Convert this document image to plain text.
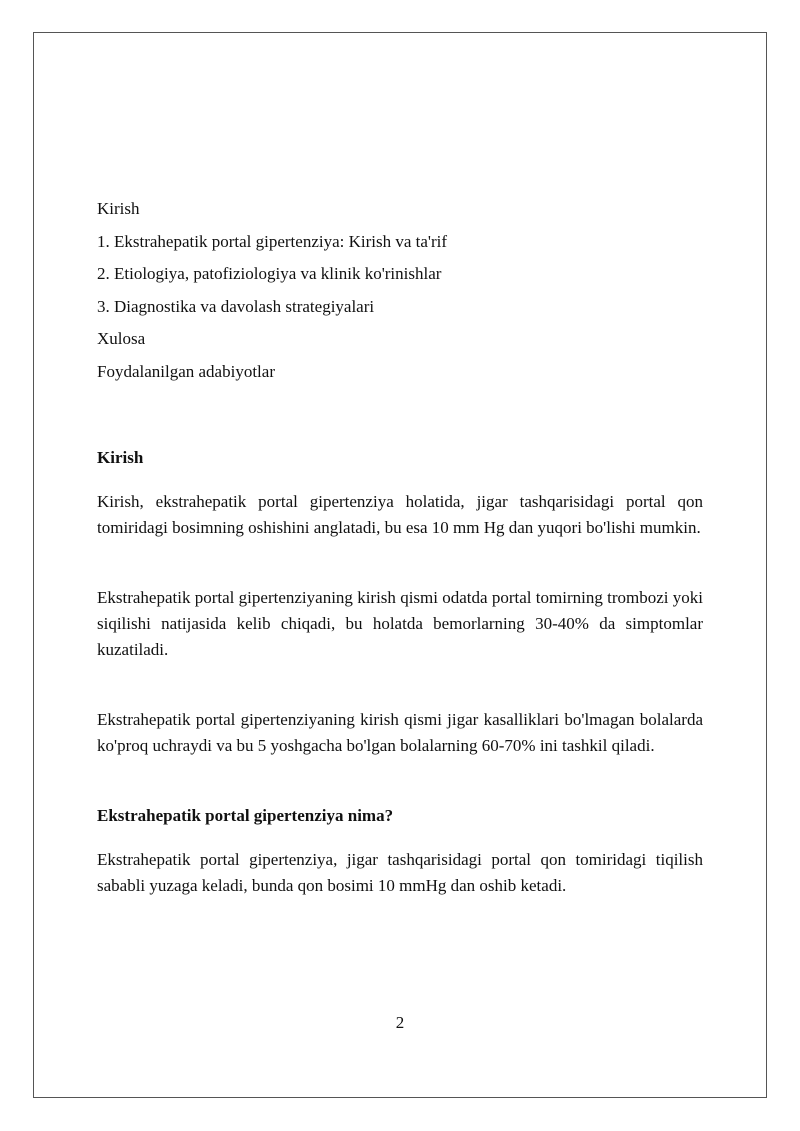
Kirish
1. Ekstrahepatik portal gipertenziya: Kirish va ta'rif
2. Etiologiya, patofiziologiya va klinik ko'rinishlar
3. Diagnostika va davolash strategiyalari
Xulosa
Foydalanilgan adabiyotlar
Kirish

Kirish, ekstrahepatik portal gipertenziya holatida, jigar tashqarisidagi portal qon tomiridagi bosimning oshishini anglatadi, bu esa 10 mm Hg dan yuqori bo'lishi mumkin.

Ekstrahepatik portal gipertenziyaning kirish qismi odatda portal tomirning trombozi yoki siqilishi natijasida kelib chiqadi, bu holatda bemorlarning 30-40% da simptomlar kuzatiladi.

Ekstrahepatik portal gipertenziyaning kirish qismi jigar kasalliklari bo'lmagan bolalarda ko'proq uchraydi va bu 5 yoshgacha bo'lgan bolalarning 60-70% ini tashkil qiladi.

Ekstrahepatik portal gipertenziya nima?

Ekstrahepatik portal gipertenziya, jigar tashqarisidagi portal qon tomiridagi tiqilish sababli yuzaga keladi, bunda qon bosimi 10 mmHg dan oshib ketadi.

2
